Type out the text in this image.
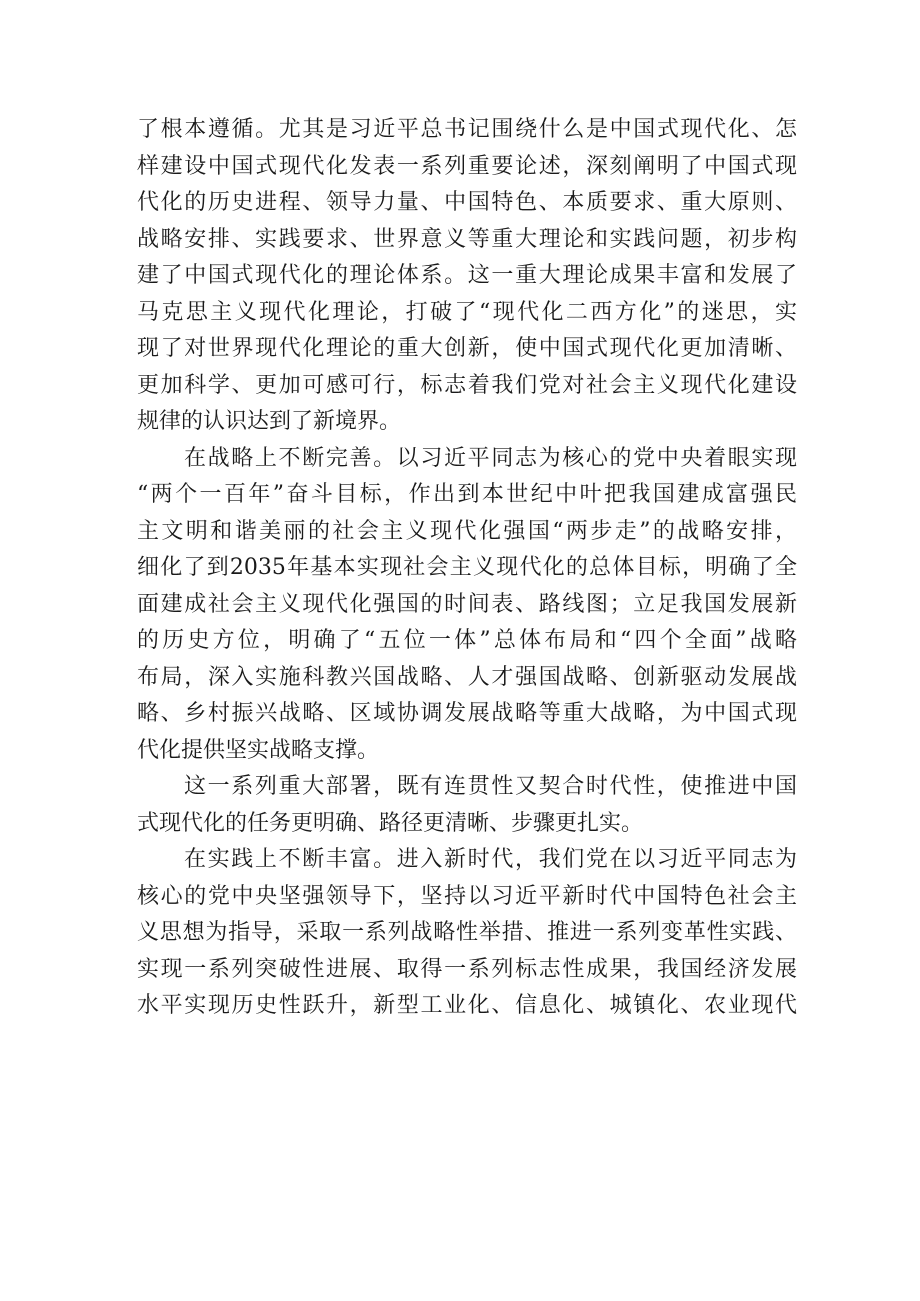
了根本遵循。尤其是习近平总书记围绕什么是中国式现代化、怎
样建设中国式现代化发表一系列重要论述，深刻阐明了中国式现
代化的历史进程、领导力量、中国特色、本质要求、重大原则、
战略安排、实践要求、世界意义等重大理论和实践问题，初步构
建了中国式现代化的理论体系。这一重大理论成果丰富和发展了
马克思主义现代化理论，打破了“现代化二西方化”的迷思，实
现了对世界现代化理论的重大创新，使中国式现代化更加清晰、
更加科学、更加可感可行，标志着我们党对社会主义现代化建设
规律的认识达到了新境界。
在战略上不断完善。以习近平同志为核心的党中央着眼实现
“两个一百年”奋斗目标，作出到本世纪中叶把我国建成富强民
主文明和谐美丽的社会主义现代化强国“两步走”的战略安排，
细化了到2035年基本实现社会主义现代化的总体目标，明确了全
面建成社会主义现代化强国的时间表、路线图；立足我国发展新
的历史方位，明确了“五位一体”总体布局和“四个全面”战略
布局，深入实施科教兴国战略、人才强国战略、创新驱动发展战
略、乡村振兴战略、区域协调发展战略等重大战略，为中国式现
代化提供坚实战略支撑。
这一系列重大部署，既有连贯性又契合时代性，使推进中国
式现代化的任务更明确、路径更清晰、步骤更扎实。
在实践上不断丰富。进入新时代，我们党在以习近平同志为
核心的党中央坚强领导下，坚持以习近平新时代中国特色社会主
义思想为指导，采取一系列战略性举措、推进一系列变革性实践、
实现一系列突破性进展、取得一系列标志性成果，我国经济发展
水平实现历史性跃升，新型工业化、信息化、城镇化、农业现代
